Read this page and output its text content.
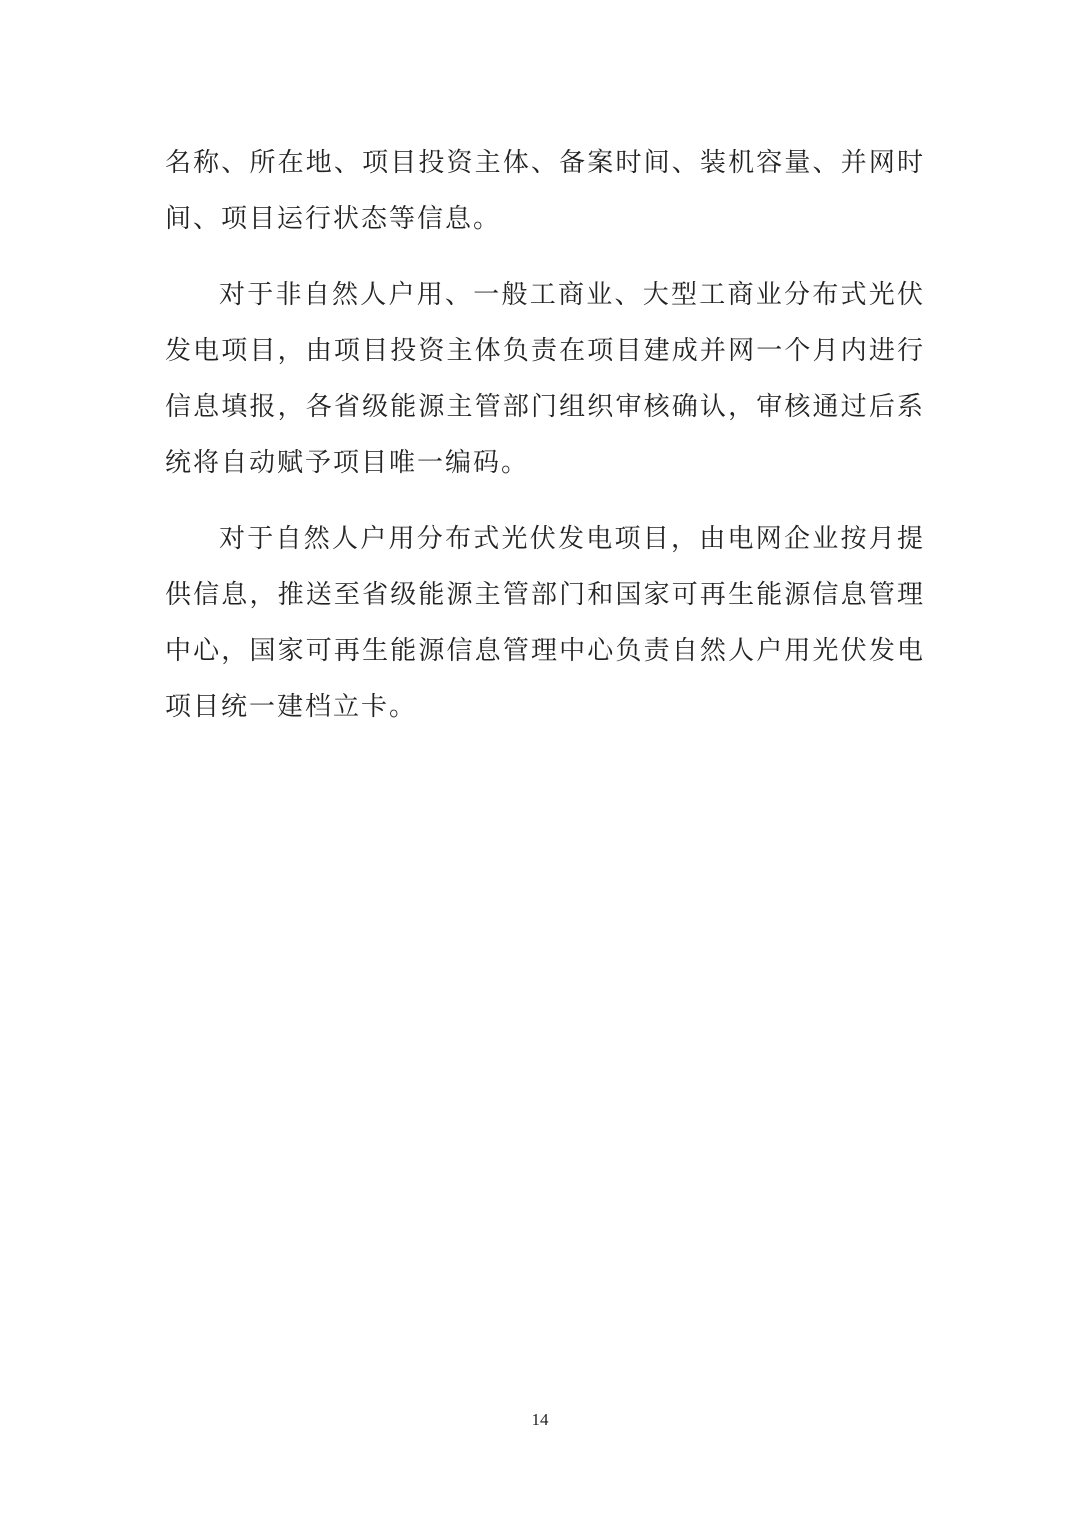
名称、所在地、项目投资主体、备案时间、装机容量、并网时间、项目运行状态等信息。

对于非自然人户用、一般工商业、大型工商业分布式光伏发电项目，由项目投资主体负责在项目建成并网一个月内进行信息填报，各省级能源主管部门组织审核确认，审核通过后系统将自动赋予项目唯一编码。

对于自然人户用分布式光伏发电项目，由电网企业按月提供信息，推送至省级能源主管部门和国家可再生能源信息管理中心，国家可再生能源信息管理中心负责自然人户用光伏发电项目统一建档立卡。

14
